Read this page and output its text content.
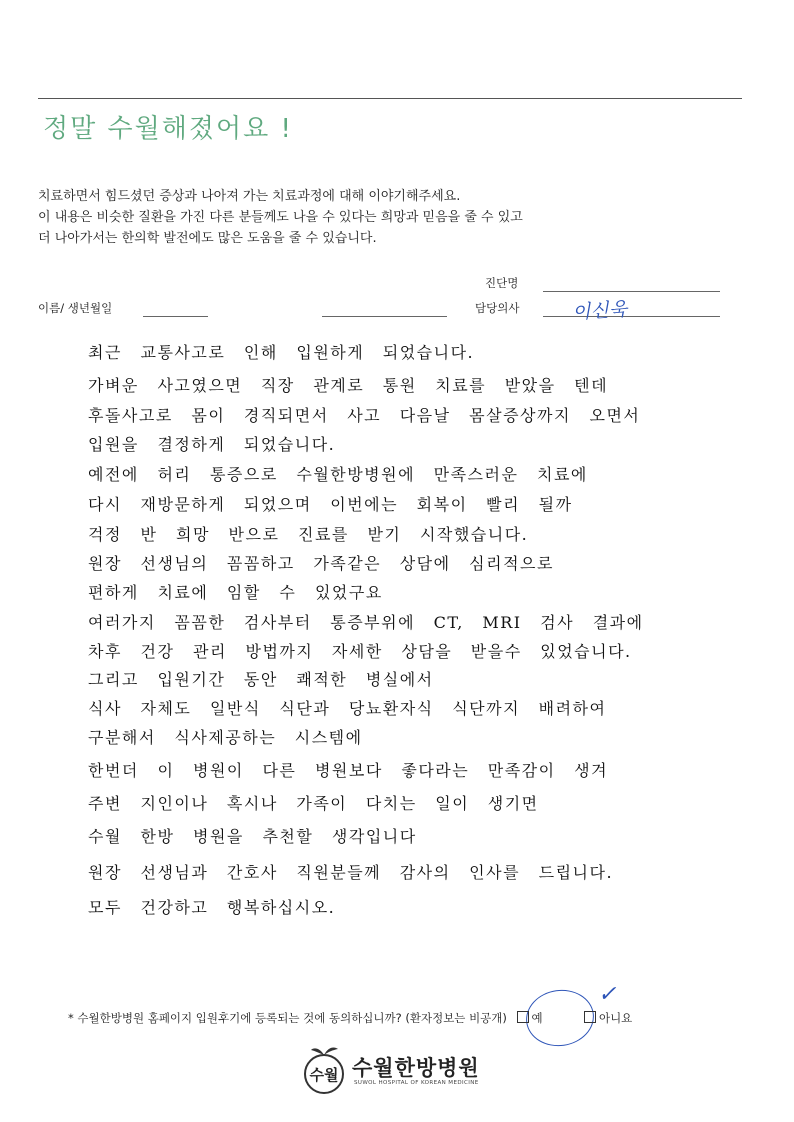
정말 수월해졌어요 !
치료하면서 힘드셨던 증상과 나아져 가는 치료과정에 대해 이야기해주세요.
이 내용은 비슷한 질환을 가진 다른 분들께도 나을 수 있다는 희망과 믿음을 줄 수 있고
더 나아가서는 한의학 발전에도 많은 도움을 줄 수 있습니다.
진단명
이름/ 생년월일	담당의사	이신욱
최근 교통사고로 인해 입원하게 되었습니다.
가벼운 사고였으면 직장 관계로 통원 치료를 받았을 텐데
후돌사고로 몸이 경직되면서 사고 다음날 몸살증상까지 오면서
입원을 결정하게 되었습니다.
예전에 허리 통증으로 수월한방병원에 만족스러운 치료에
다시 재방문하게 되었으며 이번에는 회복이 빨리 될까
걱정 반 희망 반으로 진료를 받기 시작했습니다.
원장 선생님의 꼼꼼하고 가족같은 상담에 심리적으로
편하게 치료에 임할 수 있었구요
여러가지 꼼꼼한 검사부터 통증부위에 CT, MRI 검사 결과에
차후 건강 관리 방법까지 자세한 상담을 받을수 있었습니다.
그리고 입원기간 동안 쾌적한 병실에서
식사 자체도 일반식 식단과 당뇨환자식 식단까지 배려하여
구분해서 식사제공하는 시스템에
한번더 이 병원이 다른 병원보다 좋다라는 만족감이 생겨
주변 지인이나 혹시나 가족이 다치는 일이 생기면
수월 한방 병원을 추천할 생각입니다
원장 선생님과 간호사 직원분들께 감사의 인사를 드립니다.
모두 건강하고 행복하십시오.
✓
* 수월한방병원 홈페이지 입원후기에 등록되는 것에 동의하십니까? (환자정보는 비공개) 예	아니요
수월 수월한방병원
SUWOL HOSPITAL OF KOREAN MEDICINE
